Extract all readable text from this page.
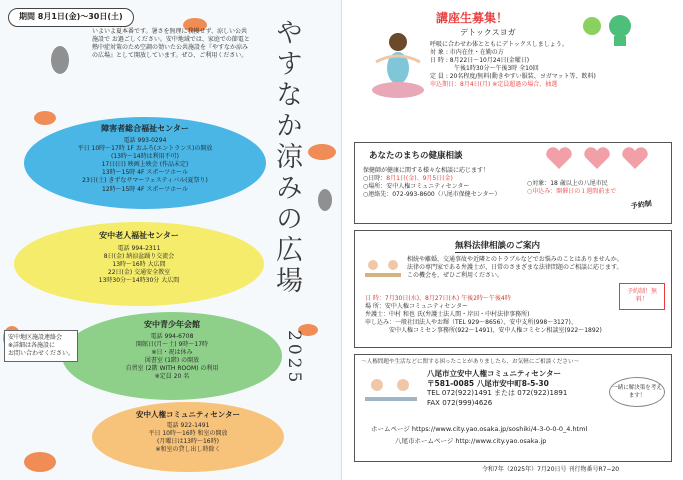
期間 8月1日(金)～30日(土)
いよいよ夏本番です。暑さを無理に我慢せず、涼しい公共
施設で お過ごしください。安中地域では、家庭での節電と
熱中症対策のため空調の効いた公共施設を『やすなか涼み
の広場』として開放しています。ぜひ、ご利用ください。 やすなか涼みの広場
2025
障害者総合福祉センター
電話 993-0294
平日 10時～17時 1F おふろ(エントランス)の開放
(13時～14時は利用不可)
17日(日) 映画上映会 (作品未定)
13時～15時 4F スポーツホール
23日(土) きずなサマーフェスティバル(夏祭り)
12時～15時 4F スポーツホール
安中老人福祉センター
電話 994-2311
8日(金) 納涼盆踊り交流会
13時～16時 大広間
22日(金) 交通安全教室
13時30分～14時30分 大広間
安中青少年会館
電話 994-6708
開館日(月～土) 9時～17時
※日・祝は休み
図書室 (1階) の開放
自習室 (2階 WITH ROOM) の利用
※定員 20 名
安中人権コミュニティセンター
電話 922-1491
平日 10時～16時 和室の開放
(月曜日は13時～16時)
※和室の貸し出し時除く
安中地区施設連絡会
※詳細は各施設に
お問い合わせください。
講座生募集！
デトックスヨガ
呼吸に合わせわ体とともにデトックスしましょう。
対 象 : 市内在住・在勤の方
日 時 : 8月22日～10月24日(金曜日)
午後1時30分～午後3時 全10回
定 員 : 20名程度/無料(動きやすい服装、ヨガマット等、飲料)
申込期日：8月4日(月) ※定員超過の場合、抽選
あなたのまちの健康相談
保健師が健康に関する様々な相談に応じます！
○日時：8月1日(金)、9月5日(金)
○場所：安中人権コミュニティセンター
○連絡先：072-993-8600（八尾市保健センター）
○対象：18 歳以上の八尾市民
○申込み：開催日の１週間前まで
予約制
無料法律相談のご案内
相続や離婚、交通事故や近隣とのトラブルなどでお悩みのことはありませんか。
法律の専門家である弁護士が、日常のさまざまな法律問題のご相談に応じます。
この機会を、ぜひご利用ください。
日 時：7月30日(水)、8月27日(木) 午後2時～午後4時
場 所：安中人権コミュニティセンター
弁護士：中村 和也 氏(弁護士法人関・岸田・中村法律事務所)
申し込み：一般社団法人やお輝（TEL 929～8656）、安中支所(998～3127)、
安中人権コミセン事務所(922～1491)、安中人権コミセン相談室(922～1892)
予約制！無料！
～人権問題や生活などに関する困ったことがありましたら、お気軽にご相談ください～
八尾市立安中人権コミュニティセンター
〒581-0085 八尾市安中町8-5-30
TEL 072(922)1491 または 072(922)1891
FAX 072(999)4626
一緒に解決策を考えます！
ホームページ https://www.city.yao.osaka.jp/soshiki/4-3-0-0-0_4.html
八尾市ホームページ http://www.city.yao.osaka.jp
令和7年（2025年）7月20日号 刊行物番号R7−20
